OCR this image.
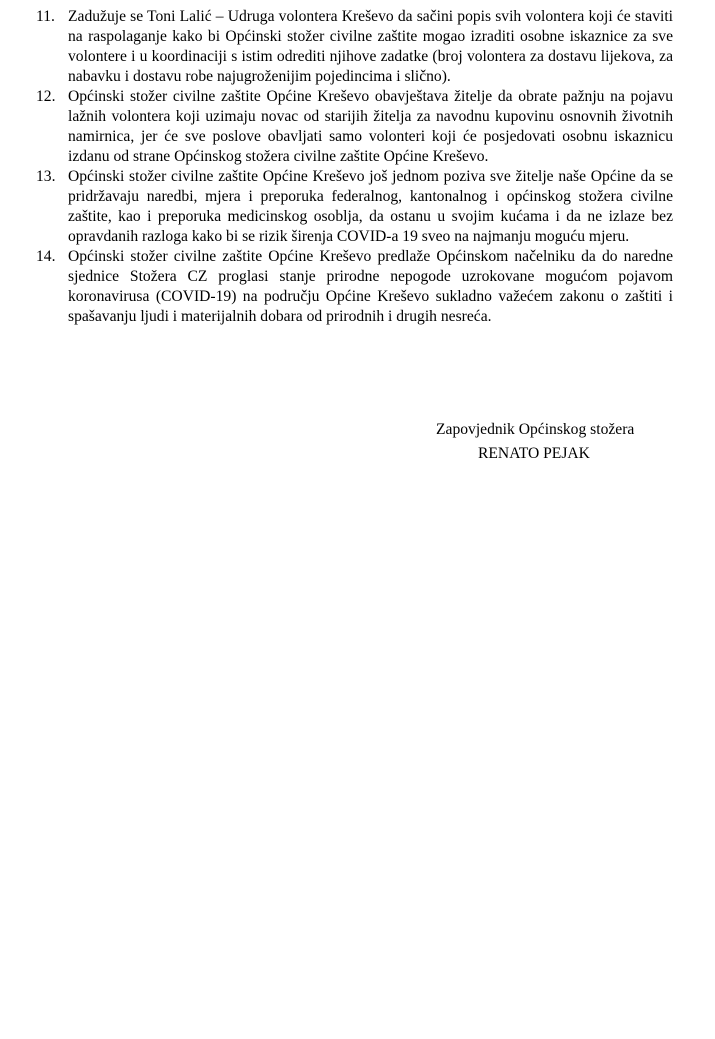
11. Zadužuje se Toni Lalić – Udruga volontera Kreševo da sačini popis svih volontera koji će staviti na raspolaganje kako bi Općinski stožer civilne zaštite mogao izraditi osobne iskaznice za sve volontere i u koordinaciji s istim odrediti njihove zadatke (broj volontera za dostavu lijekova, za nabavku i dostavu robe najugroženijim pojedincima i slično).
12. Općinski stožer civilne zaštite Općine Kreševo obavještava žitelje da obrate pažnju na pojavu lažnih volontera koji uzimaju novac od starijih žitelja za navodnu kupovinu osnovnih životnih namirnica, jer će sve poslove obavljati samo volonteri koji će posjedovati osobnu iskaznicu izdanu od strane Općinskog stožera civilne zaštite Općine Kreševo.
13. Općinski stožer civilne zaštite Općine Kreševo još jednom poziva sve žitelje naše Općine da se pridržavaju naredbi, mjera i preporuka federalnog, kantonalnog i općinskog stožera civilne zaštite, kao i preporuka medicinskog osoblja, da ostanu u svojim kućama i da ne izlaze bez opravdanih razloga kako bi se rizik širenja COVID-a 19 sveo na najmanju moguću mjeru.
14. Općinski stožer civilne zaštite Općine Kreševo predlaže Općinskom načelniku da do naredne sjednice Stožera CZ proglasi stanje prirodne nepogode uzrokovane mogućom pojavom koronavirusa (COVID-19) na području Općine Kreševo sukladno važećem zakonu o zaštiti i spašavanju ljudi i materijalnih dobara od prirodnih i drugih nesreća.
Zapovjednik Općinskog stožera
RENATO PEJAK
